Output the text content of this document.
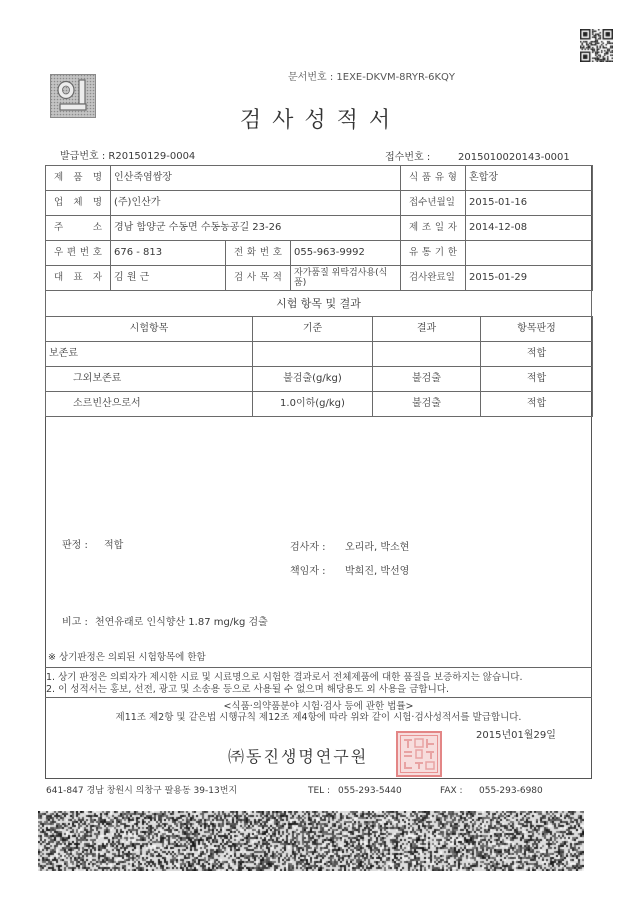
문서번호 : 1EXE-DKVM-8RYR-6KQY
검 사 성 적 서
발급번호 : R20150129-0004	접수번호 :	2015010020143-0001
제 품 명	인산죽염쌈장			식 품 유 형	혼합장
업 체 명	(주)인산가			접수년월일	2015-01-16
주 소	경남 함양군 수동면 수동농공길 23-26			제 조 일 자	2014-12-08
우 편 번 호	676 - 813	전 화 번 호	055-963-9992	유 통 기 한	
대 표 자	김 원 근	검 사 목 적	자가품질 위탁검사용(식품)	검사완료일	2015-01-29
시험 항목 및 결과
시험항목	기준	결과	항목판정
보존료			적합
그외보존료	불검출(g/kg)	불검출	적합
소르빈산으로서	1.0이하(g/kg)	불검출	적합
판정 : 적합	검사자 : 오리라, 박소현
책임자 : 박희진, 박선영
비고 : 천연유래로 인식향산 1.87 mg/kg 검출
※ 상기판정은 의뢰된 시험항목에 한함
1. 상기 판정은 의뢰자가 제시한 시료 및 시료명으로 시험한 결과로서 전체제품에 대한 품질을 보증하지는 않습니다.
2. 이 성적서는 홍보, 선전, 광고 및 소송용 등으로 사용될 수 없으며 해당용도 외 사용을 금합니다.
<식품·의약품분야 시험·검사 등에 관한 법률>
제11조 제2항 및 같은법 시행규칙 제12조 제4항에 따라 위와 같이 시험·검사성적서를 발급합니다.
2015년01월29일
㈜동진생명연구원
641-847 경남 창원시 의창구 팔용동 39-13번지	TEL : 055-293-5440	FAX : 055-293-6980
